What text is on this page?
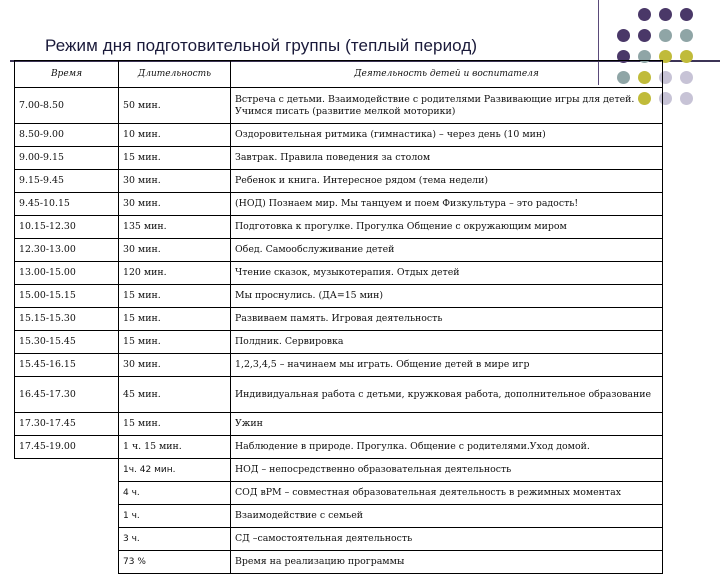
Режим дня подготовительной группы (теплый период)
Время	Длительность	Деятельность детей и воспитателя
7.00-8.50	50 мин.	Встреча с детьми. Взаимодействие с родителями Развивающие игры для детей. Учимся писать (развитие мелкой моторики)
8.50-9.00	10 мин.	Оздоровительная ритмика (гимнастика) – через день (10 мин)
9.00-9.15	15 мин.	Завтрак. Правила поведения за столом
9.15-9.45	30 мин.	Ребенок и книга. Интересное рядом (тема недели)
9.45-10.15	30 мин.	(НОД) Познаем мир. Мы танцуем и поем Физкультура – это радость!
10.15-12.30	135 мин.	Подготовка к прогулке. Прогулка Общение с окружающим миром
12.30-13.00	30 мин.	Обед. Самообслуживание детей
13.00-15.00	120 мин.	Чтение сказок, музыкотерапия. Отдых детей
15.00-15.15	15 мин.	Мы проснулись. (ДА=15 мин)
15.15-15.30	15 мин.	Развиваем память. Игровая деятельность
15.30-15.45	15 мин.	Полдник. Сервировка
15.45-16.15	30 мин.	1,2,3,4,5 – начинаем мы играть. Общение детей в мире игр
16.45-17.30	45 мин.	Индивидуальная работа с детьми, кружковая работа, дополнительное образование
17.30-17.45	15 мин.	Ужин
17.45-19.00	1 ч. 15 мин.	Наблюдение в природе. Прогулка. Общение с родителями.Уход домой.
	1ч. 42 мин.	НОД – непосредственно образовательная деятельность
	4 ч.	СОД вРМ – совместная образовательная деятельность в режимных моментах
	1 ч.	Взаимодействие с семьей
	3 ч.	СД –самостоятельная деятельность
	73 %	Время на реализацию программы
